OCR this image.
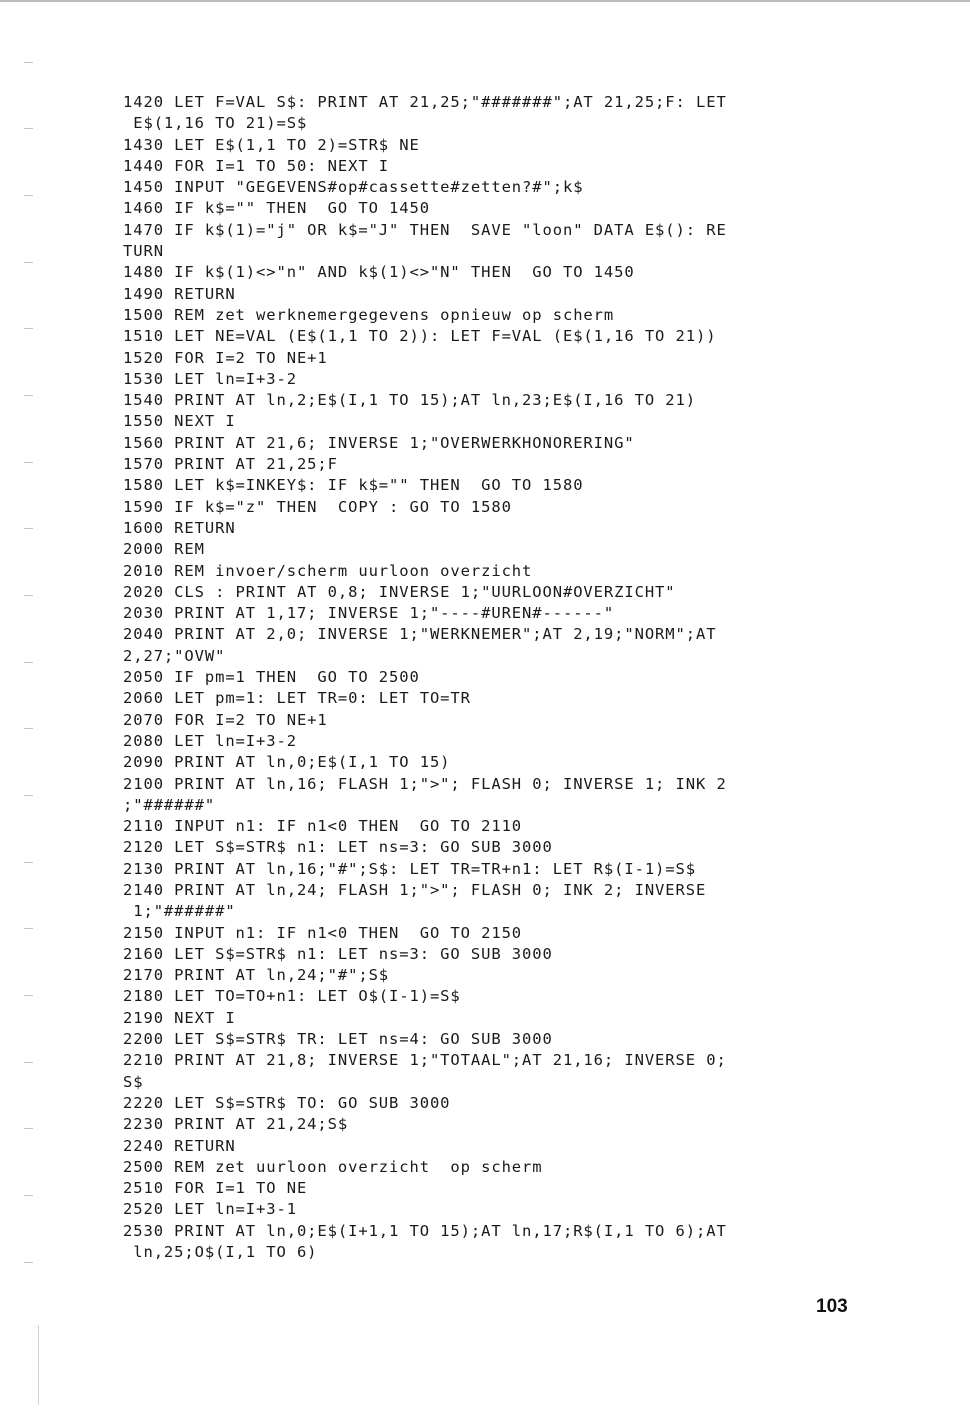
1420 LET F=VAL S$: PRINT AT 21,25;"#######";AT 21,25;F: LET
E$(1,16 TO 21)=S$
1430 LET E$(1,1 TO 2)=STR$ NE
1440 FOR I=1 TO 50: NEXT I
1450 INPUT "GEGEVENS#op#cassette#zetten?#";k$
1460 IF k$="" THEN  GO TO 1450
1470 IF k$(1)="j" OR k$="J" THEN  SAVE "loon" DATA E$(): RE
TURN
1480 IF k$(1)<>"n" AND k$(1)<>"N" THEN  GO TO 1450
1490 RETURN
1500 REM zet werknemergegevens opnieuw op scherm
1510 LET NE=VAL (E$(1,1 TO 2)): LET F=VAL (E$(1,16 TO 21))
1520 FOR I=2 TO NE+1
1530 LET ln=I+3-2
1540 PRINT AT ln,2;E$(I,1 TO 15);AT ln,23;E$(I,16 TO 21)
1550 NEXT I
1560 PRINT AT 21,6; INVERSE 1;"OVERWERKHONORERING"
1570 PRINT AT 21,25;F
1580 LET k$=INKEY$: IF k$="" THEN  GO TO 1580
1590 IF k$="z" THEN  COPY : GO TO 1580
1600 RETURN
2000 REM
2010 REM invoer/scherm uurloon overzicht
2020 CLS : PRINT AT 0,8; INVERSE 1;"UURLOON#OVERZICHT"
2030 PRINT AT 1,17; INVERSE 1;"----#UREN#------"
2040 PRINT AT 2,0; INVERSE 1;"WERKNEMER";AT 2,19;"NORM";AT
2,27;"OVW"
2050 IF pm=1 THEN  GO TO 2500
2060 LET pm=1: LET TR=0: LET TO=TR
2070 FOR I=2 TO NE+1
2080 LET ln=I+3-2
2090 PRINT AT ln,0;E$(I,1 TO 15)
2100 PRINT AT ln,16; FLASH 1;">"; FLASH 0; INVERSE 1; INK 2
;"######"
2110 INPUT n1: IF n1<0 THEN  GO TO 2110
2120 LET S$=STR$ n1: LET ns=3: GO SUB 3000
2130 PRINT AT ln,16;"#";S$: LET TR=TR+n1: LET R$(I-1)=S$
2140 PRINT AT ln,24; FLASH 1;">"; FLASH 0; INK 2; INVERSE
1;"######"
2150 INPUT n1: IF n1<0 THEN  GO TO 2150
2160 LET S$=STR$ n1: LET ns=3: GO SUB 3000
2170 PRINT AT ln,24;"#";S$
2180 LET TO=TO+n1: LET O$(I-1)=S$
2190 NEXT I
2200 LET S$=STR$ TR: LET ns=4: GO SUB 3000
2210 PRINT AT 21,8; INVERSE 1;"TOTAAL";AT 21,16; INVERSE 0;
S$
2220 LET S$=STR$ TO: GO SUB 3000
2230 PRINT AT 21,24;S$
2240 RETURN
2500 REM zet uurloon overzicht  op scherm
2510 FOR I=1 TO NE
2520 LET ln=I+3-1
2530 PRINT AT ln,0;E$(I+1,1 TO 15);AT ln,17;R$(I,1 TO 6);AT
ln,25;O$(I,1 TO 6)
103
